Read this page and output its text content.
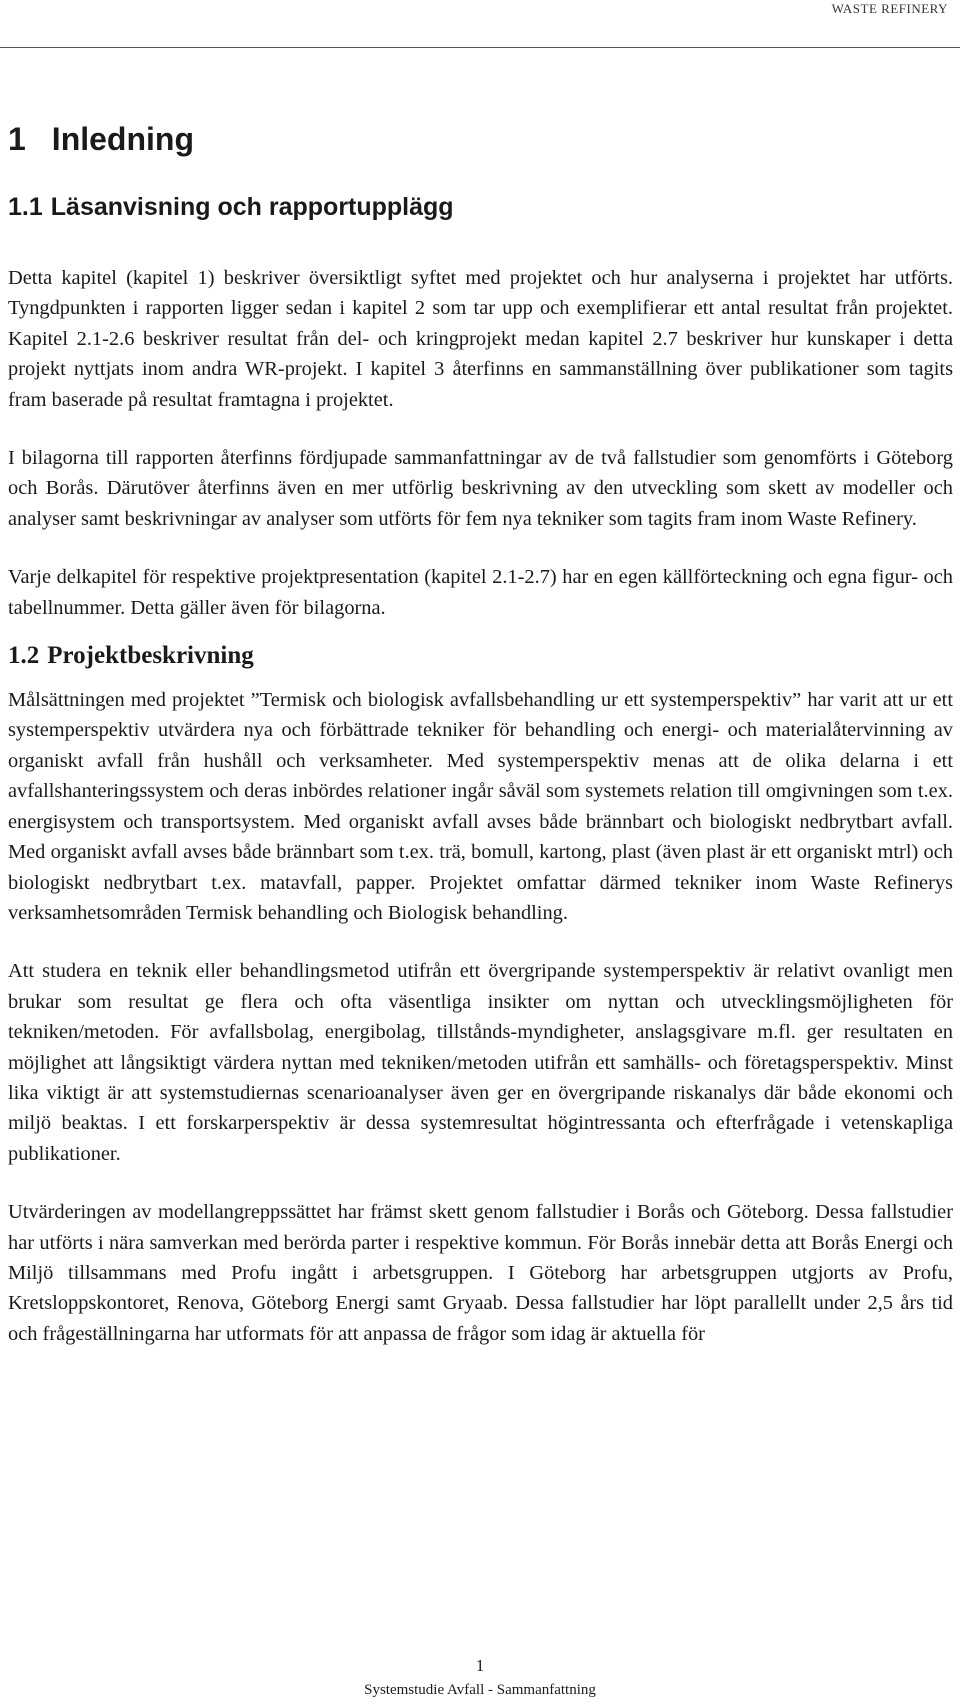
WASTE REFINERY
1 Inledning
1.1 Läsanvisning och rapportupplägg

Detta kapitel (kapitel 1) beskriver översiktligt syftet med projektet och hur analyserna i projektet har utförts. Tyngdpunkten i rapporten ligger sedan i kapitel 2 som tar upp och exemplifierar ett antal resultat från projektet. Kapitel 2.1-2.6 beskriver resultat från del- och kringprojekt medan kapitel 2.7 beskriver hur kunskaper i detta projekt nyttjats inom andra WR-projekt. I kapitel 3 återfinns en sammanställning över publikationer som tagits fram baserade på resultat framtagna i projektet.

I bilagorna till rapporten återfinns fördjupade sammanfattningar av de två fallstudier som genomförts i Göteborg och Borås. Därutöver återfinns även en mer utförlig beskrivning av den utveckling som skett av modeller och analyser samt beskrivningar av analyser som utförts för fem nya tekniker som tagits fram inom Waste Refinery.

Varje delkapitel för respektive projektpresentation (kapitel 2.1-2.7) har en egen källförteckning och egna figur- och tabellnummer. Detta gäller även för bilagorna.

1.2 Projektbeskrivning

Målsättningen med projektet ”Termisk och biologisk avfallsbehandling ur ett systemperspektiv” har varit att ur ett systemperspektiv utvärdera nya och förbättrade tekniker för behandling och energi- och materialåtervinning av organiskt avfall från hushåll och verksamheter. Med systemperspektiv menas att de olika delarna i ett avfallshanteringssystem och deras inbördes relationer ingår såväl som systemets relation till omgivningen som t.ex. energisystem och transportsystem. Med organiskt avfall avses både brännbart och biologiskt nedbrytbart avfall. Med organiskt avfall avses både brännbart som t.ex. trä, bomull, kartong, plast (även plast är ett organiskt mtrl) och biologiskt nedbrytbart t.ex. matavfall, papper. Projektet omfattar därmed tekniker inom Waste Refinerys verksamhetsområden Termisk behandling och Biologisk behandling.

Att studera en teknik eller behandlingsmetod utifrån ett övergripande systemperspektiv är relativt ovanligt men brukar som resultat ge flera och ofta väsentliga insikter om nyttan och utvecklingsmöjligheten för tekniken/metoden. För avfallsbolag, energibolag, tillstånds-myndigheter, anslagsgivare m.fl. ger resultaten en möjlighet att långsiktigt värdera nyttan med tekniken/metoden utifrån ett samhälls- och företagsperspektiv. Minst lika viktigt är att systemstudiernas scenarioanalyser även ger en övergripande riskanalys där både ekonomi och miljö beaktas. I ett forskarperspektiv är dessa systemresultat högintressanta och efterfrågade i vetenskapliga publikationer.

Utvärderingen av modellangreppssättet har främst skett genom fallstudier i Borås och Göteborg. Dessa fallstudier har utförts i nära samverkan med berörda parter i respektive kommun. För Borås innebär detta att Borås Energi och Miljö tillsammans med Profu ingått i arbetsgruppen. I Göteborg har arbetsgruppen utgjorts av Profu, Kretsloppskontoret, Renova, Göteborg Energi samt Gryaab. Dessa fallstudier har löpt parallellt under 2,5 års tid och frågeställningarna har utformats för att anpassa de frågor som idag är aktuella för

1
Systemstudie Avfall - Sammanfattning
